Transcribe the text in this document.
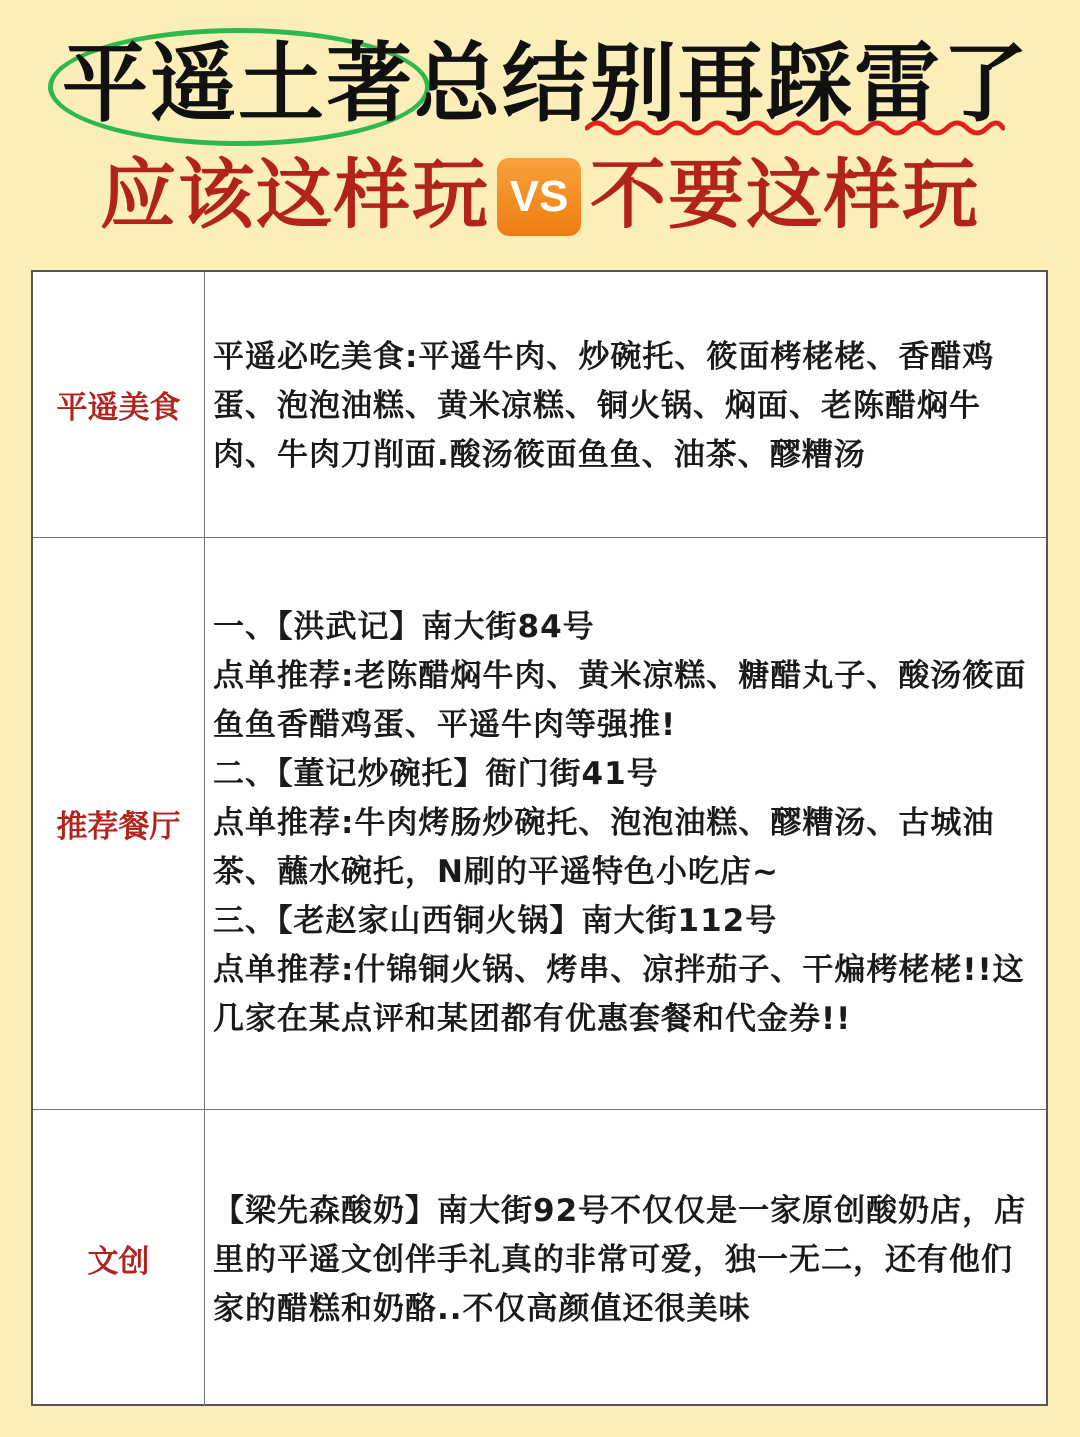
平遥土著总结别再踩雷了
应该这样玩 VS 不要这样玩
平遥美食

平遥必吃美食:平遥牛肉、炒碗托、筱面栲栳栳、香醋鸡蛋、泡泡油糕、黄米凉糕、铜火锅、焖面、老陈醋焖牛肉、牛肉刀削面.酸汤筱面鱼鱼、油茶、醪糟汤

推荐餐厅

一、【洪武记】南大街84号

点单推荐:老陈醋焖牛肉、黄米凉糕、糖醋丸子、酸汤筱面鱼鱼香醋鸡蛋、平遥牛肉等强推!

二、【董记炒碗托】衙门街41号

点单推荐:牛肉烤肠炒碗托、泡泡油糕、醪糟汤、古城油茶、蘸水碗托，N刷的平遥特色小吃店~

三、【老赵家山西铜火锅】南大街112号

点单推荐:什锦铜火锅、烤串、凉拌茄子、干煸栲栳栳!!这几家在某点评和某团都有优惠套餐和代金券!!

文创

【梁先森酸奶】南大街92号不仅仅是一家原创酸奶店，店里的平遥文创伴手礼真的非常可爱，独一无二，还有他们家的醋糕和奶酪..不仅高颜值还很美味
